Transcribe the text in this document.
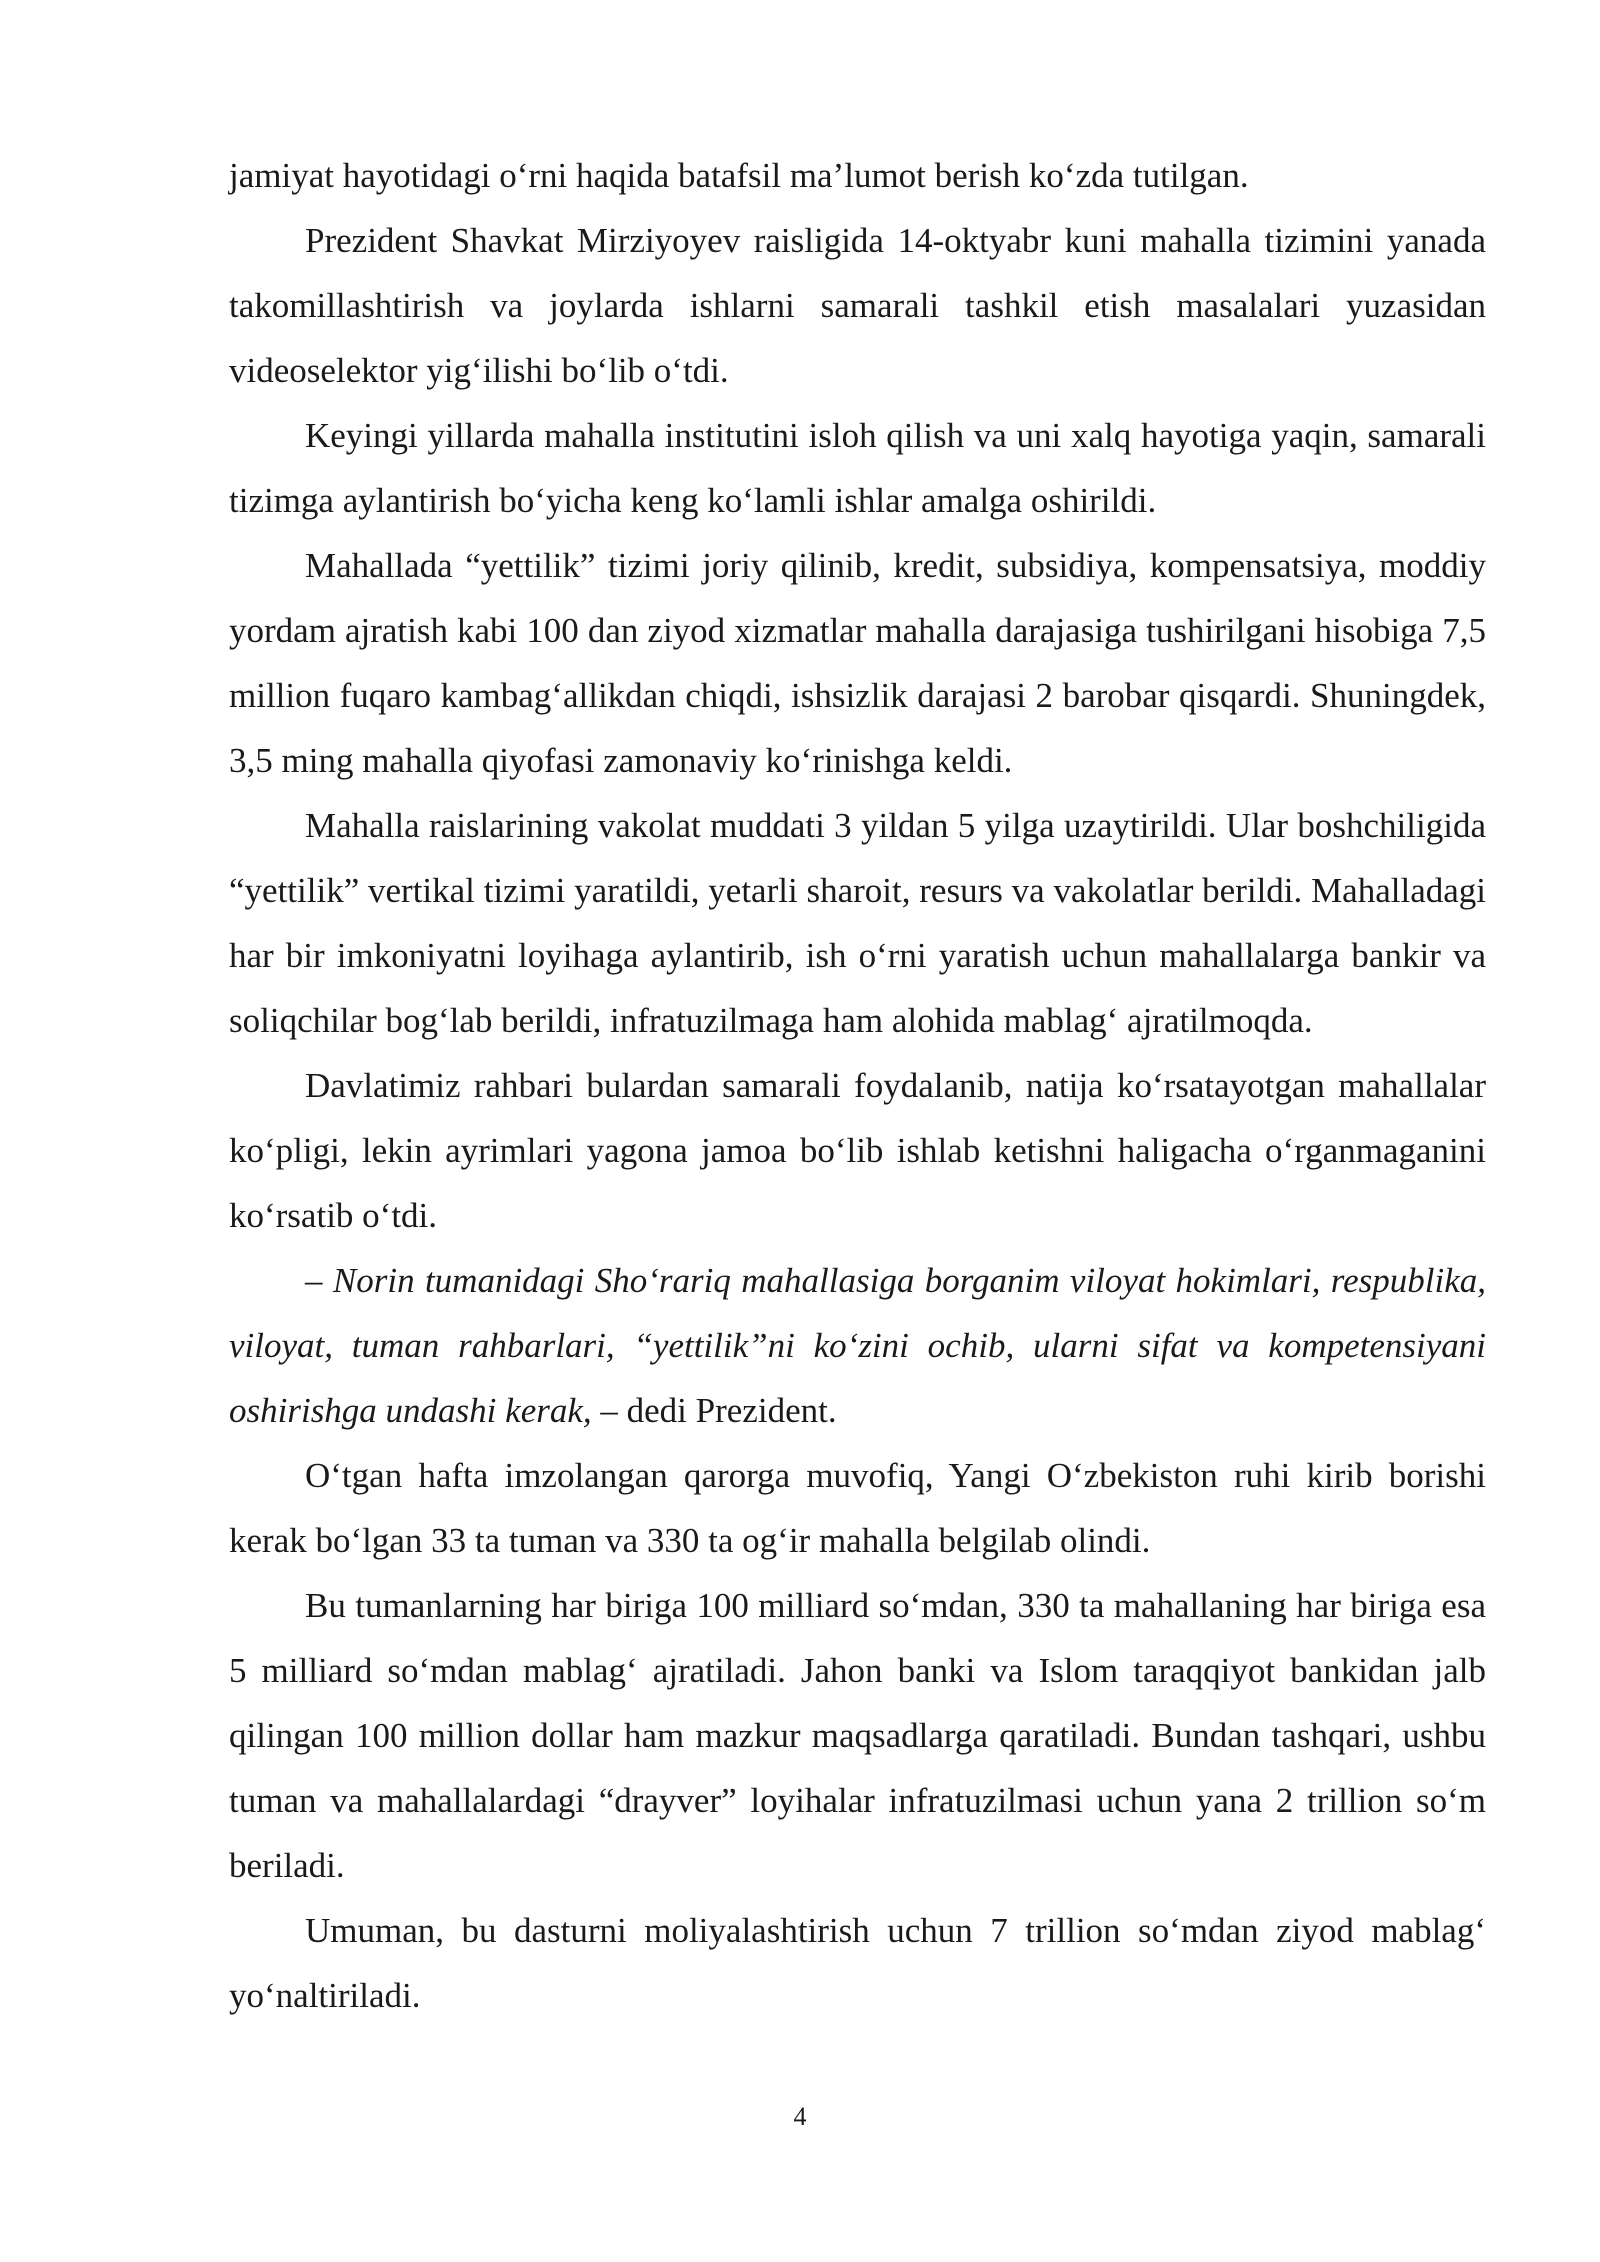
jamiyat hayotidagi o‘rni haqida batafsil ma’lumot berish ko‘zda tutilgan.

Prezident Shavkat Mirziyoyev raisligida 14-oktyabr kuni mahalla tizimini yanada takomillashtirish va joylarda ishlarni samarali tashkil etish masalalari yuzasidan videoselektor yig‘ilishi bo‘lib o‘tdi.

Keyingi yillarda mahalla institutini isloh qilish va uni xalq hayotiga yaqin, samarali tizimga aylantirish bo‘yicha keng ko‘lamli ishlar amalga oshirildi.

Mahallada “yettilik” tizimi joriy qilinib, kredit, subsidiya, kompensatsiya, moddiy yordam ajratish kabi 100 dan ziyod xizmatlar mahalla darajasiga tushirilgani hisobiga 7,5 million fuqaro kambag‘allikdan chiqdi, ishsizlik darajasi 2 barobar qisqardi. Shuningdek, 3,5 ming mahalla qiyofasi zamonaviy ko‘rinishga keldi.

Mahalla raislarining vakolat muddati 3 yildan 5 yilga uzaytirildi. Ular boshchiligida “yettilik” vertikal tizimi yaratildi, yetarli sharoit, resurs va vakolatlar berildi. Mahalladagi har bir imkoniyatni loyihaga aylantirib, ish o‘rni yaratish uchun mahallalarga bankir va soliqchilar bog‘lab berildi, infratuzilmaga ham alohida mablag‘ ajratilmoqda.

Davlatimiz rahbari bulardan samarali foydalanib, natija ko‘rsatayotgan mahallalar ko‘pligi, lekin ayrimlari yagona jamoa bo‘lib ishlab ketishni haligacha o‘rganmaganini ko‘rsatib o‘tdi.

– Norin tumanidagi Sho‘rariq mahallasiga borganim viloyat hokimlari, respublika, viloyat, tuman rahbarlari, “yettilik”ni ko‘zini ochib, ularni sifat va kompetensiyani oshirishga undashi kerak, – dedi Prezident.

O‘tgan hafta imzolangan qarorga muvofiq, Yangi O‘zbekiston ruhi kirib borishi kerak bo‘lgan 33 ta tuman va 330 ta og‘ir mahalla belgilab olindi.

Bu tumanlarning har biriga 100 milliard so‘mdan, 330 ta mahallaning har biriga esa 5 milliard so‘mdan mablag‘ ajratiladi. Jahon banki va Islom taraqqiyot bankidan jalb qilingan 100 million dollar ham mazkur maqsadlarga qaratiladi. Bundan tashqari, ushbu tuman va mahallalardagi “drayver” loyihalar infratuzilmasi uchun yana 2 trillion so‘m beriladi.

Umuman, bu dasturni moliyalashtirish uchun 7 trillion so‘mdan ziyod mablag‘ yo‘naltiriladi.

4
